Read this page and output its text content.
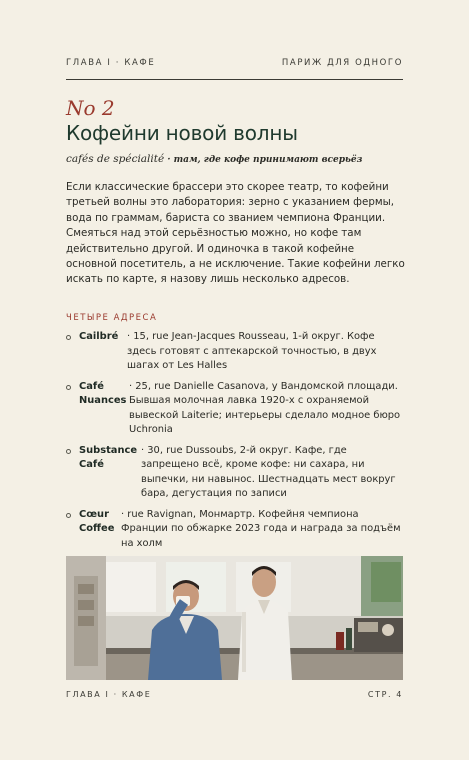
ГЛАВА I · КАФЕ	ПАРИЖ ДЛЯ ОДНОГО
No 2
Кофейни новой волны
cafés de spécialité · там, где кофе принимают всерьёз

Если классические брассери это скорее театр, то кофейни третьей волны это лаборатория: зерно с указанием фермы, вода по граммам, бариста со званием чемпиона Франции. Смеяться над этой серьёзностью можно, но кофе там действительно другой. И одиночка в такой кофейне основной посетитель, а не исключение. Такие кофейни легко искать по карте, я назову лишь несколько адресов.

ЧЕТЫРЕ АДРЕСА
Cailbré · 15, rue Jean-Jacques Rousseau, 1-й округ. Кофе здесь готовят с аптекарской точностью, в двух шагах от Les Halles
Café Nuances
· 25, rue Danielle Casanova, у Вандомской площади. Бывшая молочная лавка 1920-х с охраняемой вывеской Laiterie; интерьеры сделало модное бюро Uchronia
Substance Café
· 30, rue Dussoubs, 2-й округ. Кафе, где запрещено всё, кроме кофе: ни сахара, ни выпечки, ни навынос. Шестнадцать мест вокруг бара, дегустация по записи
Cœur Coffee
· rue Ravignan, Монмартр. Кофейня чемпиона Франции по обжарке 2023 года и награда за подъём на холм
ГЛАВА I · КАФЕ	СТР. 4
